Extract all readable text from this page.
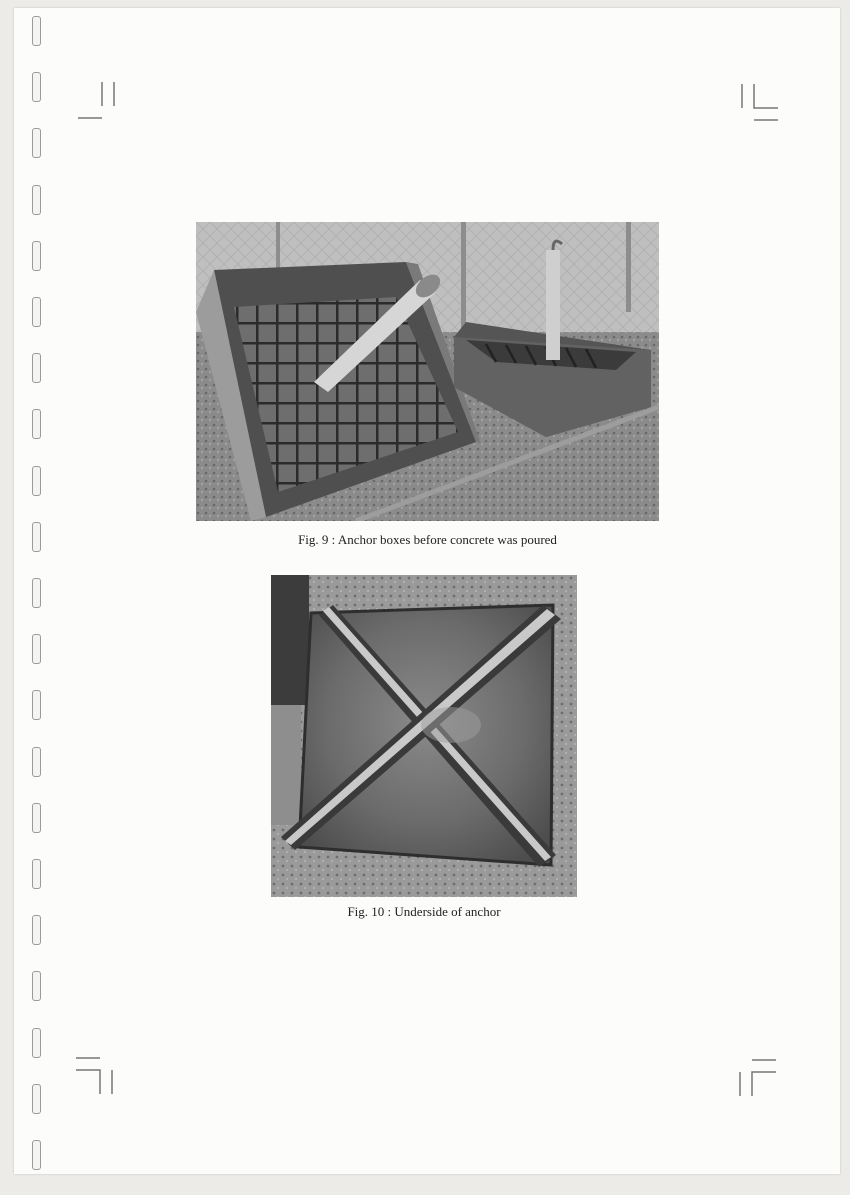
Fig. 9 : Anchor boxes before concrete was poured
Fig. 10 : Underside of anchor
